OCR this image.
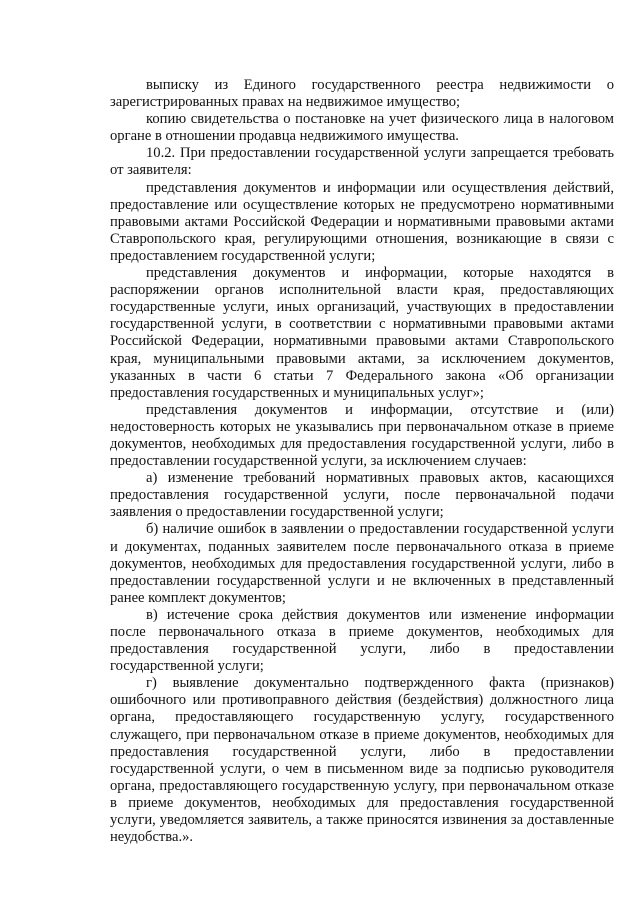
выписку из Единого государственного реестра недвижимости о зарегистрированных правах на недвижимое имущество;

копию свидетельства о постановке на учет физического лица в налоговом органе в отношении продавца недвижимого имущества.

10.2. При предоставлении государственной услуги запрещается требовать от заявителя:

представления документов и информации или осуществления действий, предоставление или осуществление которых не предусмотрено нормативными правовыми актами Российской Федерации и нормативными правовыми актами Ставропольского края, регулирующими отношения, возникающие в связи с предоставлением государственной услуги;

представления документов и информации, которые находятся в распоряжении органов исполнительной власти края, предоставляющих государственные услуги, иных организаций, участвующих в предоставлении государственной услуги, в соответствии с нормативными правовыми актами Российской Федерации, нормативными правовыми актами Ставропольского края, муниципальными правовыми актами, за исключением документов, указанных в части 6 статьи 7 Федерального закона «Об организации предоставления государственных и муниципальных услуг»;

представления документов и информации, отсутствие и (или) недостоверность которых не указывались при первоначальном отказе в приеме документов, необходимых для предоставления государственной услуги, либо в предоставлении государственной услуги, за исключением случаев:

а) изменение требований нормативных правовых актов, касающихся предоставления государственной услуги, после первоначальной подачи заявления о предоставлении государственной услуги;

б) наличие ошибок в заявлении о предоставлении государственной услуги и документах, поданных заявителем после первоначального отказа в приеме документов, необходимых для предоставления государственной услуги, либо в предоставлении государственной услуги и не включенных в представленный ранее комплект документов;

в) истечение срока действия документов или изменение информации после первоначального отказа в приеме документов, необходимых для предоставления государственной услуги, либо в предоставлении государственной услуги;

г) выявление документально подтвержденного факта (признаков) ошибочного или противоправного действия (бездействия) должностного лица органа, предоставляющего государственную услугу, государственного служащего, при первоначальном отказе в приеме документов, необходимых для предоставления государственной услуги, либо в предоставлении государственной услуги, о чем в письменном виде за подписью руководителя органа, предоставляющего государственную услугу, при первоначальном отказе в приеме документов, необходимых для предоставления государственной услуги, уведомляется заявитель, а также приносятся извинения за доставленные неудобства.».
